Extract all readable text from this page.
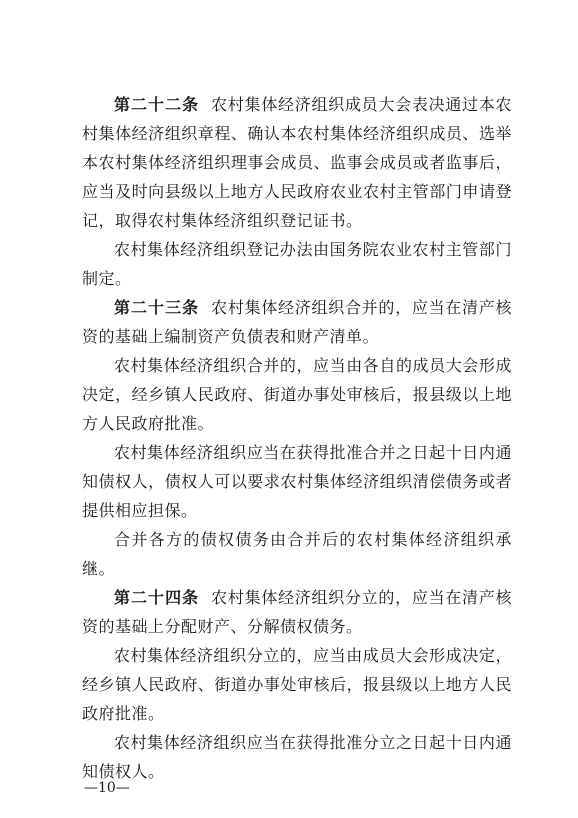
第二十二条 农村集体经济组织成员大会表决通过本农村集体经济组织章程、确认本农村集体经济组织成员、选举本农村集体经济组织理事会成员、监事会成员或者监事后，应当及时向县级以上地方人民政府农业农村主管部门申请登记，取得农村集体经济组织登记证书。

农村集体经济组织登记办法由国务院农业农村主管部门制定。

第二十三条 农村集体经济组织合并的，应当在清产核资的基础上编制资产负债表和财产清单。

农村集体经济组织合并的，应当由各自的成员大会形成决定，经乡镇人民政府、街道办事处审核后，报县级以上地方人民政府批准。

农村集体经济组织应当在获得批准合并之日起十日内通知债权人，债权人可以要求农村集体经济组织清偿债务或者提供相应担保。

合并各方的债权债务由合并后的农村集体经济组织承继。

第二十四条 农村集体经济组织分立的，应当在清产核资的基础上分配财产、分解债权债务。

农村集体经济组织分立的，应当由成员大会形成决定，经乡镇人民政府、街道办事处审核后，报县级以上地方人民政府批准。

农村集体经济组织应当在获得批准分立之日起十日内通知债权人。

—10—
